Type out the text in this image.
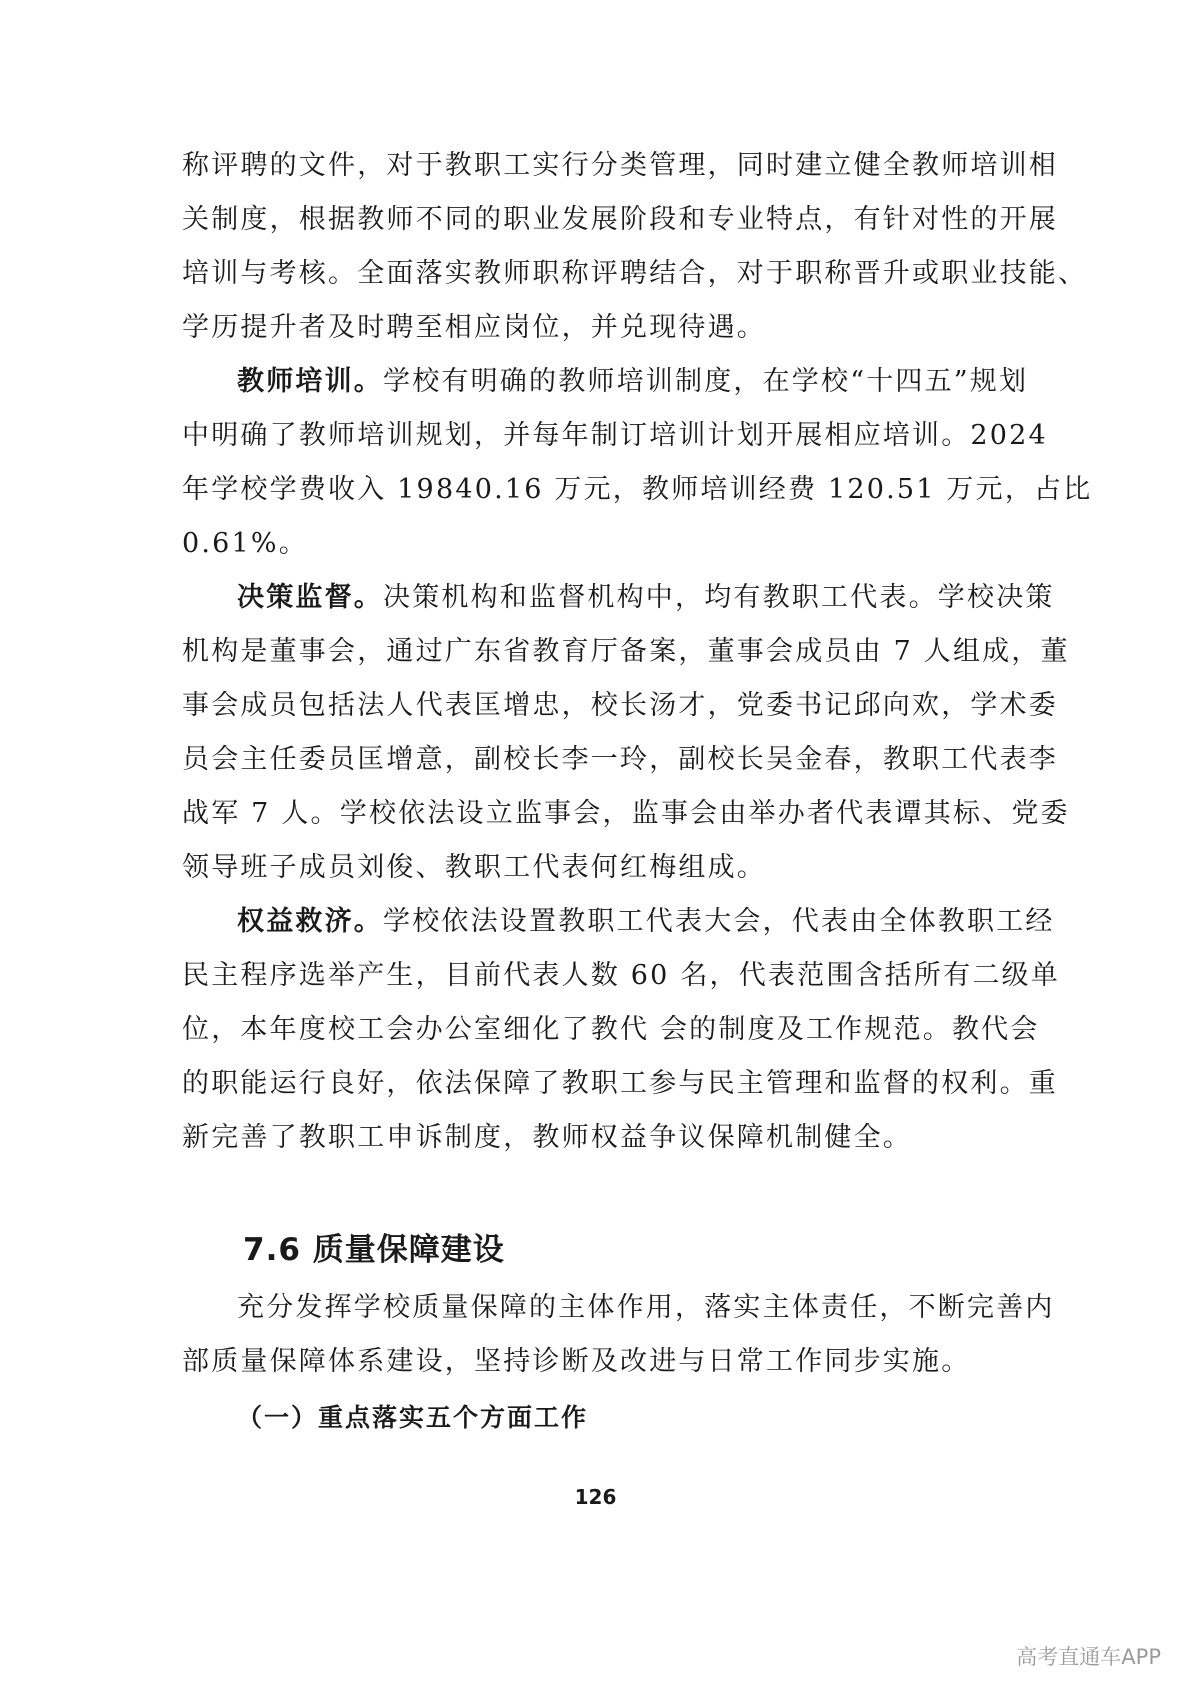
称评聘的文件，对于教职工实行分类管理，同时建立健全教师培训相
关制度，根据教师不同的职业发展阶段和专业特点，有针对性的开展
培训与考核。全面落实教师职称评聘结合，对于职称晋升或职业技能、
学历提升者及时聘至相应岗位，并兑现待遇。
教师培训。学校有明确的教师培训制度，在学校“十四五”规划
中明确了教师培训规划，并每年制订培训计划开展相应培训。2024
年学校学费收入 19840.16 万元，教师培训经费 120.51 万元，占比
0.61%。
决策监督。决策机构和监督机构中，均有教职工代表。学校决策
机构是董事会，通过广东省教育厅备案，董事会成员由 7 人组成，董
事会成员包括法人代表匡增忠，校长汤才，党委书记邱向欢，学术委
员会主任委员匡增意，副校长李一玲，副校长吴金春，教职工代表李
战军 7 人。学校依法设立监事会，监事会由举办者代表谭其标、党委
领导班子成员刘俊、教职工代表何红梅组成。
权益救济。学校依法设置教职工代表大会，代表由全体教职工经
民主程序选举产生，目前代表人数 60 名，代表范围含括所有二级单
位，本年度校工会办公室细化了教代 会的制度及工作规范。教代会
的职能运行良好，依法保障了教职工参与民主管理和监督的权利。重
新完善了教职工申诉制度，教师权益争议保障机制健全。
7.6 质量保障建设
充分发挥学校质量保障的主体作用，落实主体责任，不断完善内
部质量保障体系建设，坚持诊断及改进与日常工作同步实施。
（一）重点落实五个方面工作
126
高考直通车APP
